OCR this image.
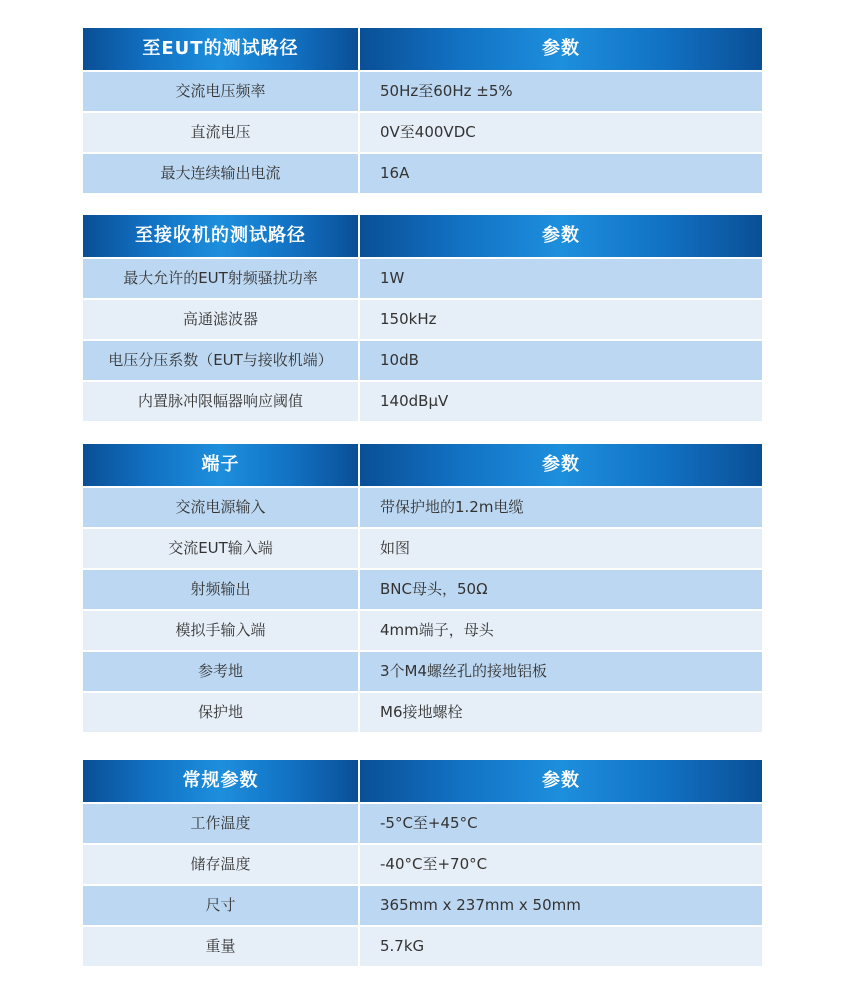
至EUT的测试路径	参数
交流电压频率	50Hz至60Hz ±5%
直流电压	0V至400VDC
最大连续输出电流	16A
至接收机的测试路径	参数
最大允许的EUT射频骚扰功率	1W
高通滤波器	150kHz
电压分压系数（EUT与接收机端）	10dB
内置脉冲限幅器响应阈值	140dBμV
端子	参数
交流电源输入	带保护地的1.2m电缆
交流EUT输入端	如图
射频输出	BNC母头，50Ω
模拟手输入端	4mm端子，母头
参考地	3个M4螺丝孔的接地铝板
保护地	M6接地螺栓
常规参数	参数
工作温度	-5°C至+45°C
储存温度	-40°C至+70°C
尺寸	365mm x 237mm x 50mm
重量	5.7kG
